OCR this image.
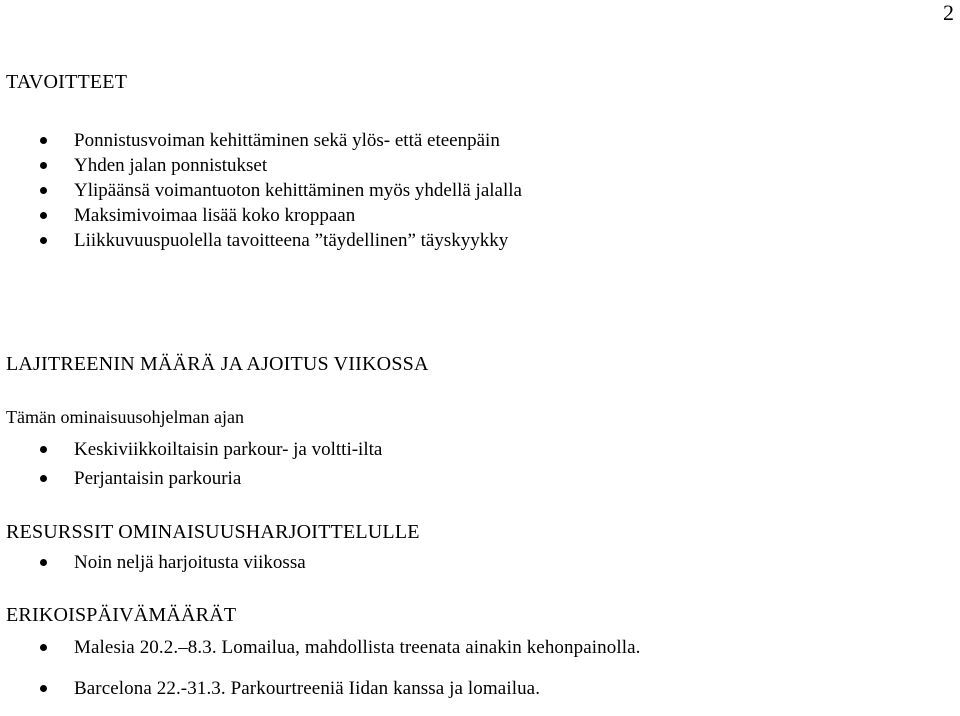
2
TAVOITTEET
Ponnistusvoiman kehittäminen sekä ylös- että eteenpäin
Yhden jalan ponnistukset
Ylipäänsä voimantuoton kehittäminen myös yhdellä jalalla
Maksimivoimaa lisää koko kroppaan
Liikkuvuuspuolella tavoitteena ”täydellinen” täyskyykky
LAJITREENIN MÄÄRÄ JA AJOITUS VIIKOSSA
Tämän ominaisuusohjelman ajan
Keskiviikkoiltaisin parkour- ja voltti-ilta
Perjantaisin parkouria
RESURSSIT OMINAISUUSHARJOITTELULLE
Noin neljä harjoitusta viikossa
ERIKOISPÄIVÄMÄÄRÄT
Malesia 20.2.–8.3. Lomailua, mahdollista treenata ainakin kehonpainolla.
Barcelona 22.-31.3. Parkourtreeniä Iidan kanssa ja lomailua.
